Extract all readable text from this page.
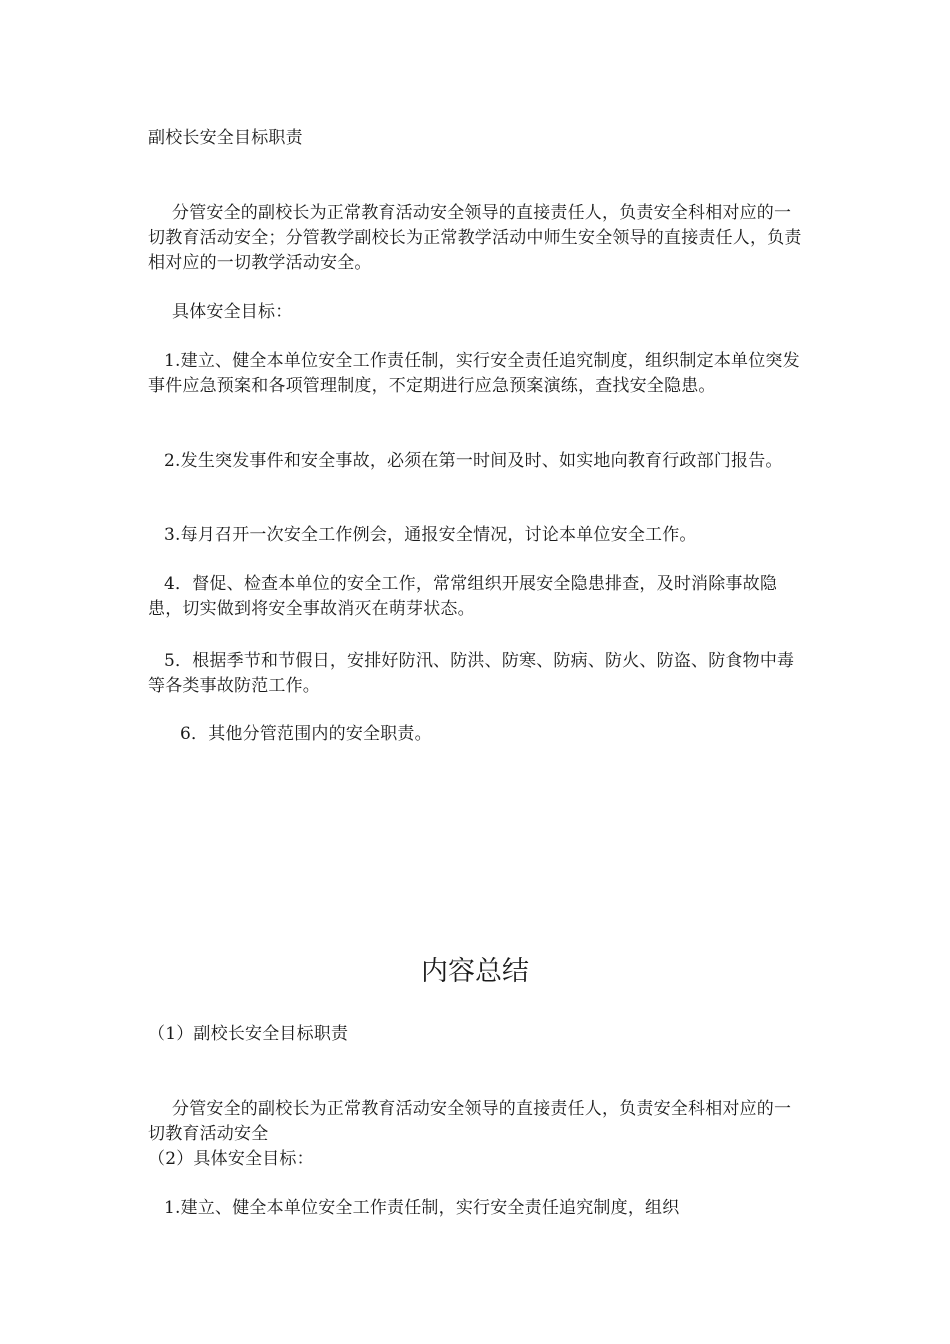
副校长安全目标职责

分管安全的副校长为正常教育活动安全领导的直接责任人，负责安全科相对应的一切教育活动安全；分管教学副校长为正常教学活动中师生安全领导的直接责任人，负责相对应的一切教学活动安全。

具体安全目标：

1.建立、健全本单位安全工作责任制，实行安全责任追究制度，组织制定本单位突发事件应急预案和各项管理制度，不定期进行应急预案演练，查找安全隐患。

2.发生突发事件和安全事故，必须在第一时间及时、如实地向教育行政部门报告。

3.每月召开一次安全工作例会，通报安全情况，讨论本单位安全工作。

4．督促、检查本单位的安全工作，常常组织开展安全隐患排查，及时消除事故隐患，切实做到将安全事故消灭在萌芽状态。

5．根据季节和节假日，安排好防汛、防洪、防寒、防病、防火、防盗、防食物中毒等各类事故防范工作。

6．其他分管范围内的安全职责。

内容总结

（1）副校长安全目标职责

分管安全的副校长为正常教育活动安全领导的直接责任人，负责安全科相对应的一切教育活动安全

（2）具体安全目标：

1.建立、健全本单位安全工作责任制，实行安全责任追究制度，组织
